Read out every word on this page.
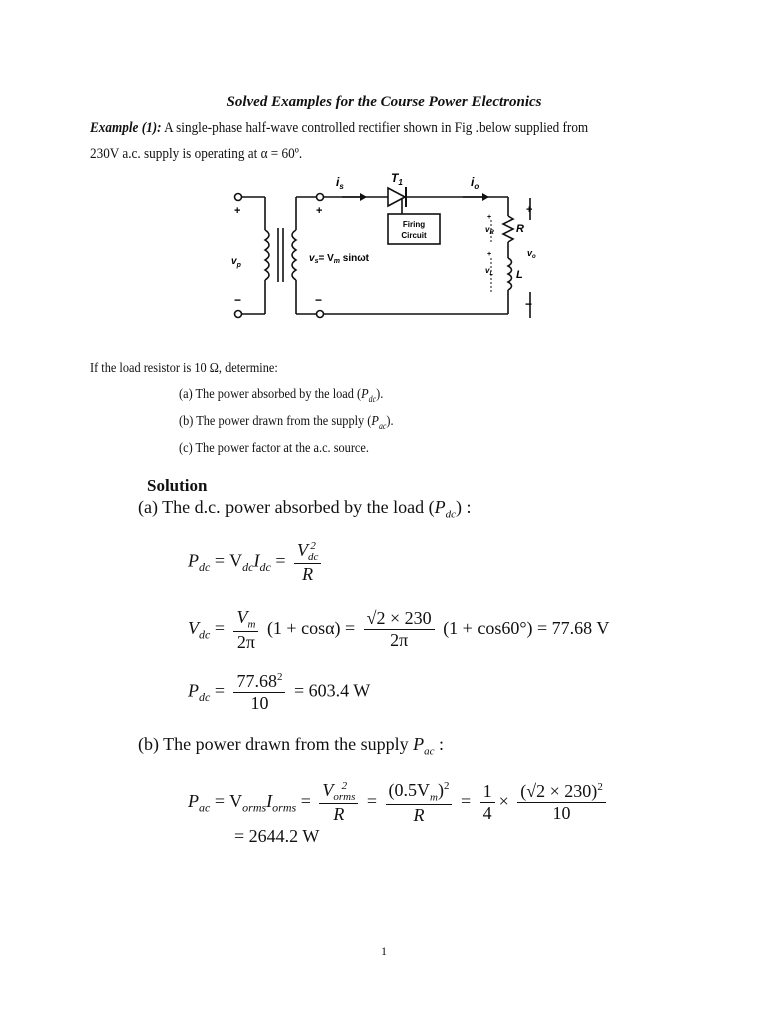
Solved Examples for the Course Power Electronics
Example (1): A single-phase half-wave controlled rectifier shown in Fig .below supplied from
230V a.c. supply is operating at α = 60º.
+
−
+
−
+
−
+
+
$v_p$
$i_s$
$T_1$	$i_o$
Firing
Circuit
$v_s= V_m$ sinωt
$v_R$
$v_L$
R
L
$v_o$
If the load resistor is 10 Ω, determine:
(a) The power absorbed by the load $(P_{dc})$.
(b) The power drawn from the supply $(P_{ac})$.
(c) The power factor at the a.c. source.
Solution
(a) The d.c. power absorbed by the load $(P_{dc})$ :
$P_{dc} = V_{dc}I_{dc} = V$ 2
dc
R
$V_{dc} = \frac{V_m}{2\pi} (1 + \cos\alpha) = \frac{√2 \times 230}{2\pi} (1 + \cos 60^\circ) = 77.68$ V
$P_{dc} = \frac{77.68^2}{10} = 603.4$ W
(b) The power drawn from the supply $P_{ac}$ :
$P_{ac} = V_{orms}I_{orms} = V$ 2
orms
$R = \frac{(0.5V_m)^2}{R} = \frac{1}{4} \times \frac{(√2 \times 230)^2}{10}$
= 2644.2 W
1
